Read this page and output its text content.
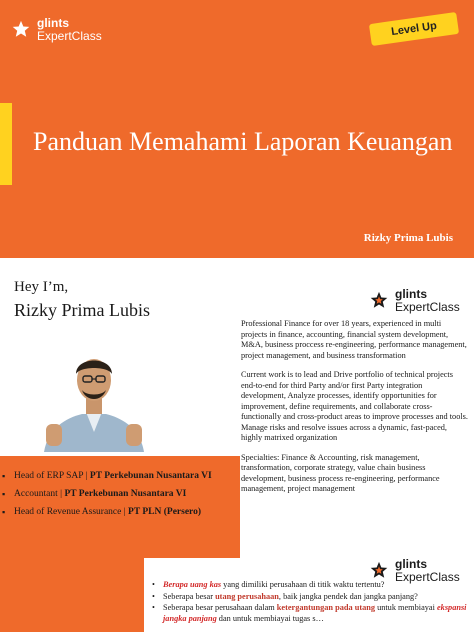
glints
ExpertClass	Level Up
Panduan Memahami Laporan Keuangan
Rizky Prima Lubis
Hey I’m,
Rizky Prima Lubis
glints
ExpertClass
▪ Head of ERP SAP | PT Perkebunan Nusantara VI
▪ Accountant | PT Perkebunan Nusantara VI
▪ Head of Revenue Assurance | PT PLN (Persero)

Professional Finance for over 18 years, experienced in multi projects in finance, accounting, financial system development, M&A, business proccess re-engineering, performance management, project management, and business transformation

Current work is to lead and Drive portfolio of technical projects end-to-end for third Party and/or first Party integration development, Analyze processes, identify opportunities for improvement, define requirements, and collaborate cross-functionally and cross-product areas to improve processes and tools. Manage risks and resolve issues across a dynamic, fast-paced, highly matrixed organization

Specialties: Finance & Accounting, risk management, transformation, corporate strategy, value chain business development, business process re-engineering, performance management, project management

glints
ExpertClass
• Berapa uang kas yang dimiliki perusahaan di titik waktu tertentu?
• Seberapa besar utang perusahaan, baik jangka pendek dan jangka panjang?
• Seberapa besar perusahaan dalam ketergantungan pada utang untuk membiayai ekspansi jangka panjang dan untuk membiayai tugas s…
